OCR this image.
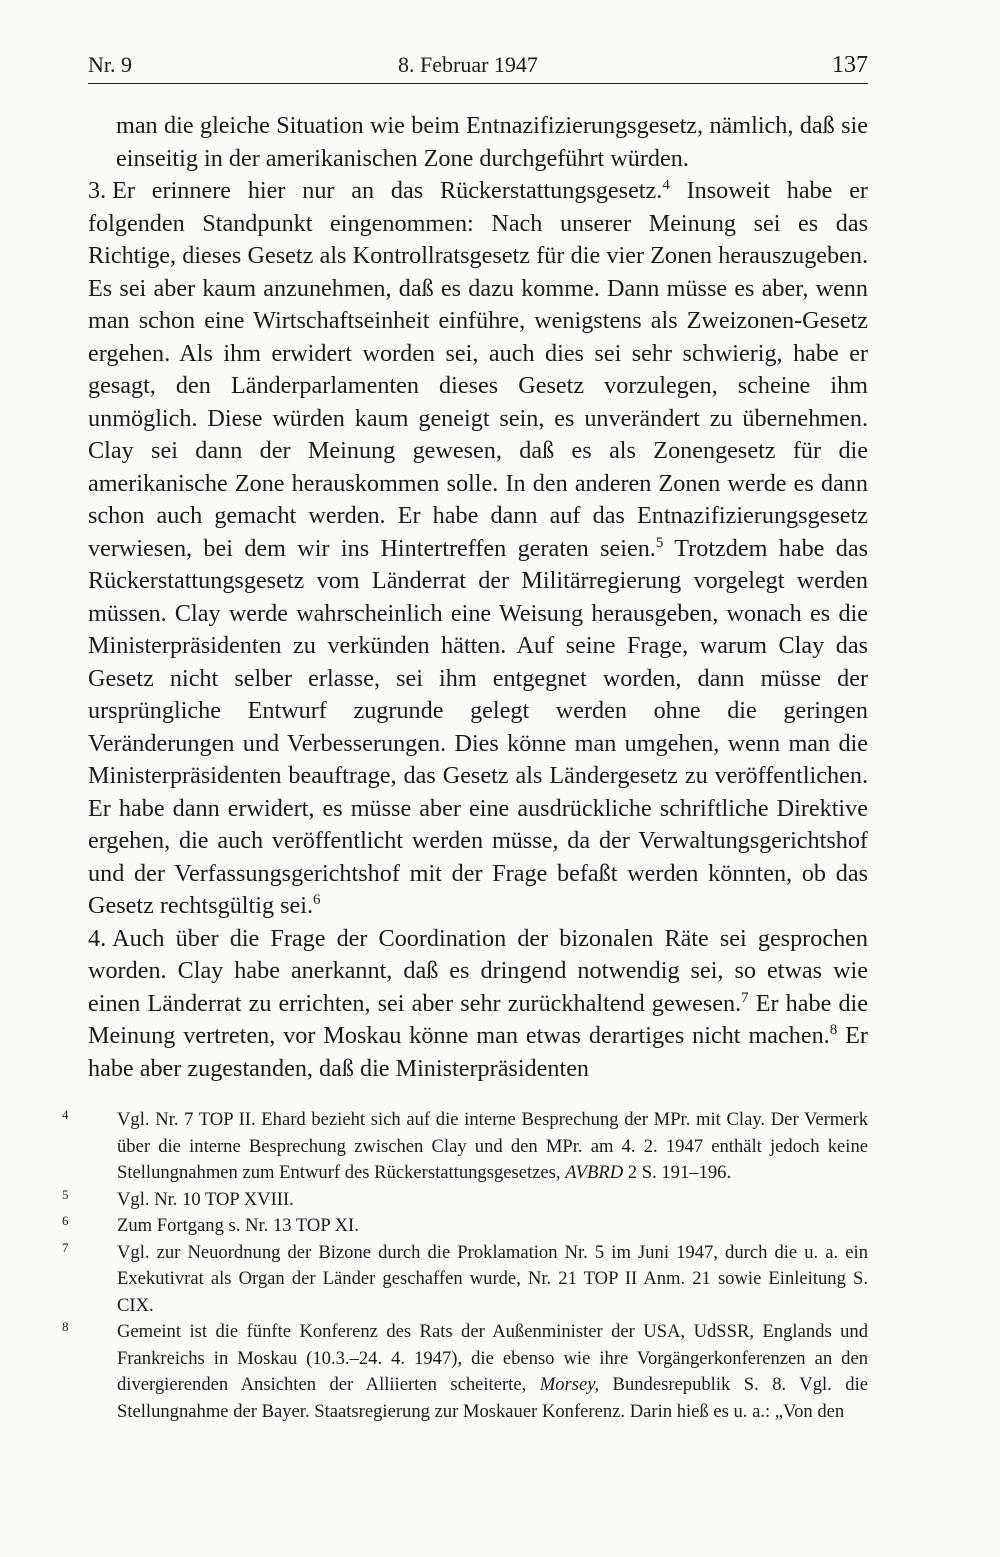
Nr. 9	8. Februar 1947	137

man die gleiche Situation wie beim Entnazifizierungsgesetz, nämlich, daß sie einseitig in der amerikanischen Zone durchgeführt würden.

3. Er erinnere hier nur an das Rückerstattungsgesetz.$^4$ Insoweit habe er folgenden Standpunkt eingenommen: Nach unserer Meinung sei es das Richtige, dieses Gesetz als Kontrollratsgesetz für die vier Zonen herauszugeben. Es sei aber kaum anzunehmen, daß es dazu komme. Dann müsse es aber, wenn man schon eine Wirtschaftseinheit einführe, wenigstens als Zweizonen-Gesetz ergehen. Als ihm erwidert worden sei, auch dies sei sehr schwierig, habe er gesagt, den Länderparlamenten dieses Gesetz vorzulegen, scheine ihm unmöglich. Diese würden kaum geneigt sein, es unverändert zu übernehmen. Clay sei dann der Meinung gewesen, daß es als Zonengesetz für die amerikanische Zone herauskommen solle. In den anderen Zonen werde es dann schon auch gemacht werden. Er habe dann auf das Entnazifizierungsgesetz verwiesen, bei dem wir ins Hintertreffen geraten seien.$^5$ Trotzdem habe das Rückerstattungsgesetz vom Länderrat der Militärregierung vorgelegt werden müssen. Clay werde wahrscheinlich eine Weisung herausgeben, wonach es die Ministerpräsidenten zu verkünden hätten. Auf seine Frage, warum Clay das Gesetz nicht selber erlasse, sei ihm entgegnet worden, dann müsse der ursprüngliche Entwurf zugrunde gelegt werden ohne die geringen Veränderungen und Verbesserungen. Dies könne man umgehen, wenn man die Ministerpräsidenten beauftrage, das Gesetz als Ländergesetz zu veröffentlichen. Er habe dann erwidert, es müsse aber eine ausdrückliche schriftliche Direktive ergehen, die auch veröffentlicht werden müsse, da der Verwaltungsgerichtshof und der Verfassungsgerichtshof mit der Frage befaßt werden könnten, ob das Gesetz rechtsgültig sei.$^6$

4. Auch über die Frage der Coordination der bizonalen Räte sei gesprochen worden. Clay habe anerkannt, daß es dringend notwendig sei, so etwas wie einen Länderrat zu errichten, sei aber sehr zurückhaltend gewesen.$^7$ Er habe die Meinung vertreten, vor Moskau könne man etwas derartiges nicht machen.$^8$ Er habe aber zugestanden, daß die Ministerpräsidenten

4	Vgl. Nr. 7 TOP II. Ehard bezieht sich auf die interne Besprechung der MPr. mit Clay. Der Vermerk über die interne Besprechung zwischen Clay und den MPr. am 4. 2. 1947 enthält jedoch keine Stellungnahmen zum Entwurf des Rückerstattungsgesetzes, AVBRD 2 S. 191–196.

5	Vgl. Nr. 10 TOP XVIII.

6	Zum Fortgang s. Nr. 13 TOP XI.

7	Vgl. zur Neuordnung der Bizone durch die Proklamation Nr. 5 im Juni 1947, durch die u. a. ein Exekutivrat als Organ der Länder geschaffen wurde, Nr. 21 TOP II Anm. 21 sowie Einleitung S. CIX.

8	Gemeint ist die fünfte Konferenz des Rats der Außenminister der USA, UdSSR, Englands und Frankreichs in Moskau (10.3.–24. 4. 1947), die ebenso wie ihre Vorgängerkonferenzen an den divergierenden Ansichten der Alliierten scheiterte, Morsey, Bundesrepublik S. 8. Vgl. die Stellungnahme der Bayer. Staatsregierung zur Moskauer Konferenz. Darin hieß es u. a.: „Von den
